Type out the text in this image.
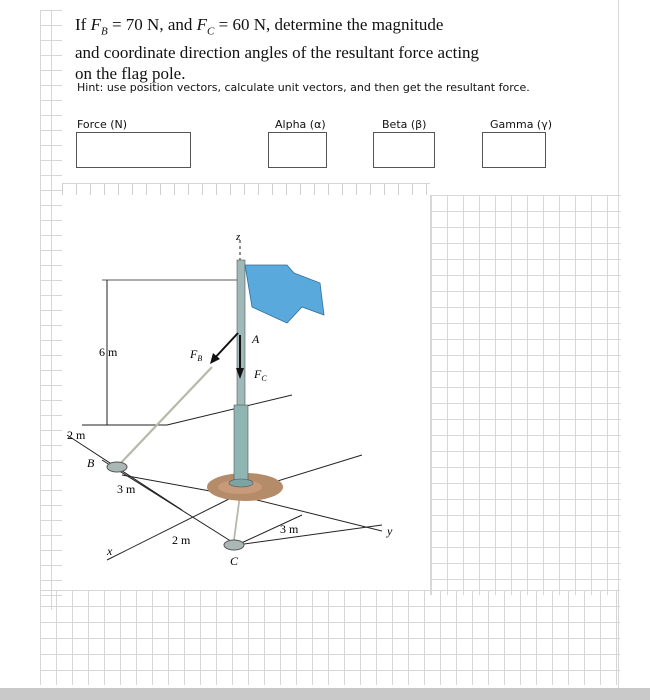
If $F_B = 70$ N, and $F_C = 60$ N, determine the magnitude
and coordinate direction angles of the resultant force acting
on the flag pole.
Hint: use position vectors, calculate unit vectors, and then get the resultant force.
Force (N)	Alpha (α)	Beta (β)	Gamma (γ)
z
A
$F_B$
$F_C$
6 m
2 m
B
3 m
2 m
C
3 m
x
y
